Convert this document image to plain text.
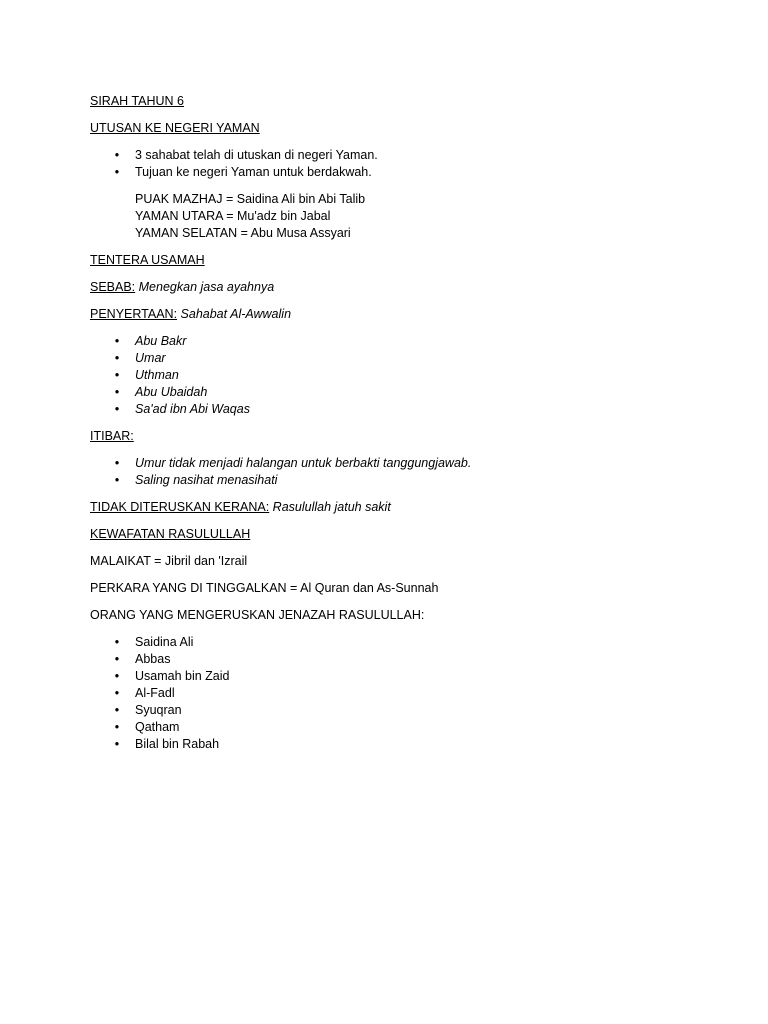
SIRAH TAHUN 6

UTUSAN KE NEGERI YAMAN

• 3 sahabat telah di utuskan di negeri Yaman.
• Tujuan ke negeri Yaman untuk berdakwah.
PUAK MAZHAJ = Saidina Ali bin Abi Talib
YAMAN UTARA = Mu'adz bin Jabal
YAMAN SELATAN = Abu Musa Assyari

TENTERA USAMAH

SEBAB: Menegkan jasa ayahnya

PENYERTAAN: Sahabat Al-Awwalin

• Abu Bakr
• Umar
• Uthman
• Abu Ubaidah
• Sa'ad ibn Abi Waqas

ITIBAR:

• Umur tidak menjadi halangan untuk berbakti tanggungjawab.
• Saling nasihat menasihati

TIDAK DITERUSKAN KERANA: Rasulullah jatuh sakit

KEWAFATAN RASULULLAH

MALAIKAT = Jibril dan 'Izrail

PERKARA YANG DI TINGGALKAN = Al Quran dan As-Sunnah

ORANG YANG MENGERUSKAN JENAZAH RASULULLAH:

• Saidina Ali
• Abbas
• Usamah bin Zaid
• Al-Fadl
• Syuqran
• Qatham
• Bilal bin Rabah
